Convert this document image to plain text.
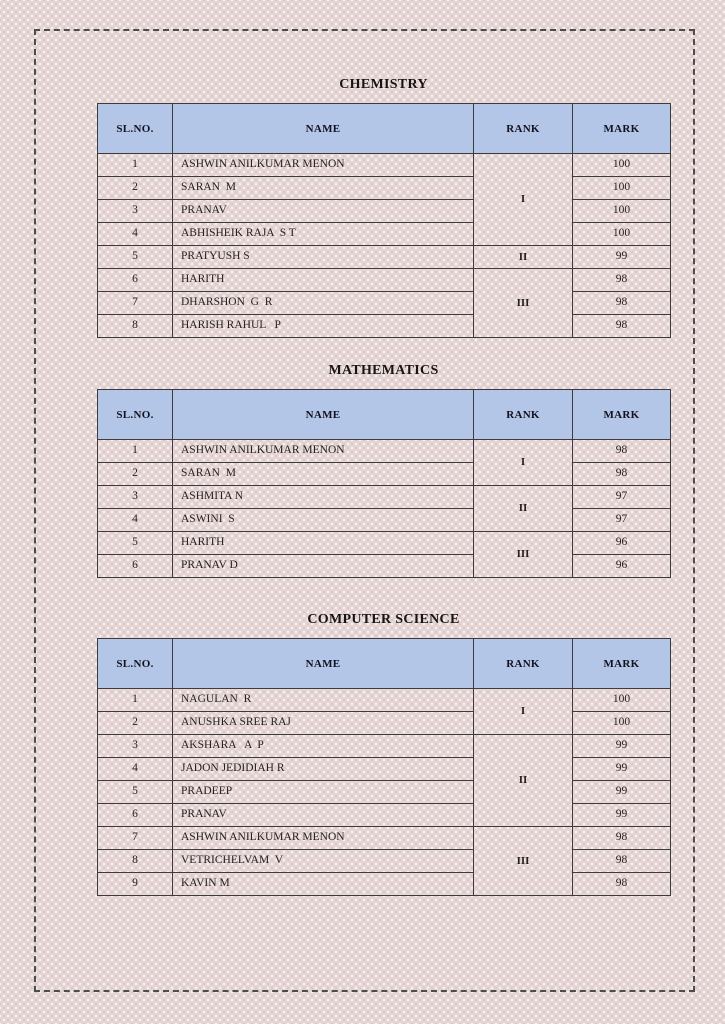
CHEMISTRY
SL.NO.	NAME	RANK	MARK
1	ASHWIN ANILKUMAR MENON	I	100
2	SARAN  M		100
3	PRANAV		100
4	ABHISHEIK RAJA  S T		100
5	PRATYUSH S	II	99
6	HARITH	III	98
7	DHARSHON  G  R		98
8	HARISH RAHUL   P		98
MATHEMATICS
SL.NO.	NAME	RANK	MARK
1	ASHWIN ANILKUMAR MENON	I	98
2	SARAN  M		98
3	ASHMITA N	II	97
4	ASWINI  S		97
5	HARITH	III	96
6	PRANAV D		96
COMPUTER SCIENCE
SL.NO.	NAME	RANK	MARK
1	NAGULAN  R	I	100
2	ANUSHKA SREE RAJ		100
3	AKSHARA   A  P	II	99
4	JADON JEDIDIAH R		99
5	PRADEEP		99
6	PRANAV		99
7	ASHWIN ANILKUMAR MENON	III	98
8	VETRICHELVAM  V		98
9	KAVIN M		98
